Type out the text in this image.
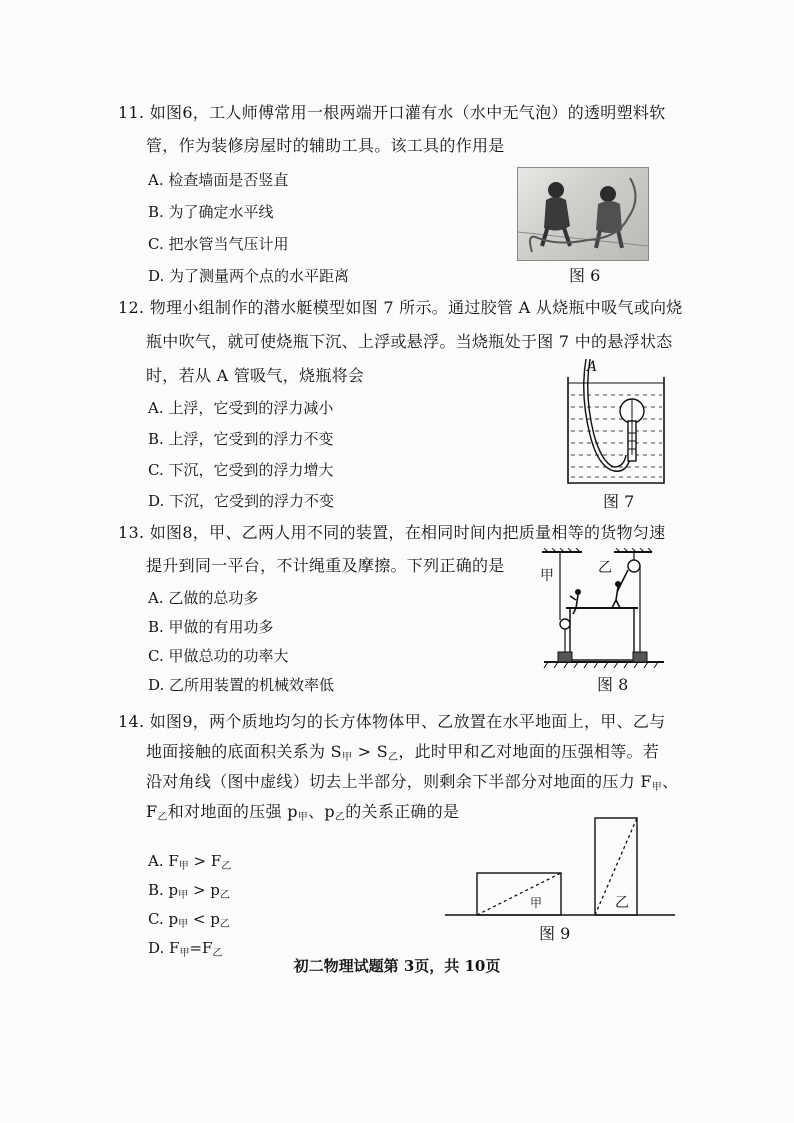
11. 如图6，工人师傅常用一根两端开口灌有水（水中无气泡）的透明塑料软
管，作为装修房屋时的辅助工具。该工具的作用是
A. 检查墙面是否竖直
B. 为了确定水平线
C. 把水管当气压计用
D. 为了测量两个点的水平距离	图 6
12. 物理小组制作的潜水艇模型如图 7 所示。通过胶管 A 从烧瓶中吸气或向烧
瓶中吹气，就可使烧瓶下沉、上浮或悬浮。当烧瓶处于图 7 中的悬浮状态
时，若从 A 管吸气，烧瓶将会
A. 上浮，它受到的浮力减小
B. 上浮，它受到的浮力不变
C. 下沉，它受到的浮力增大
D. 下沉，它受到的浮力不变
A
图 7
13. 如图8，甲、乙两人用不同的装置，在相同时间内把质量相等的货物匀速
提升到同一平台，不计绳重及摩擦。下列正确的是
A. 乙做的总功多
B. 甲做的有用功多
C. 甲做总功的功率大
D. 乙所用装置的机械效率低
甲	乙
图 8
14. 如图9，两个质地均匀的长方体物体甲、乙放置在水平地面上，甲、乙与
地面接触的底面积关系为 $S_甲 > S_乙$，此时甲和乙对地面的压强相等。若
沿对角线（图中虚线）切去上半部分，则剩余下半部分对地面的压力 $F_甲$、
$F_乙$和对地面的压强 $p_甲$、$p_乙$的关系正确的是
A. $F_甲 > F_乙$
B. $p_甲 > p_乙$
C. $p_甲 < p_乙$
D. $F_甲=F_乙$
甲	乙
图 9
初二物理试题第 3页，共 10页
